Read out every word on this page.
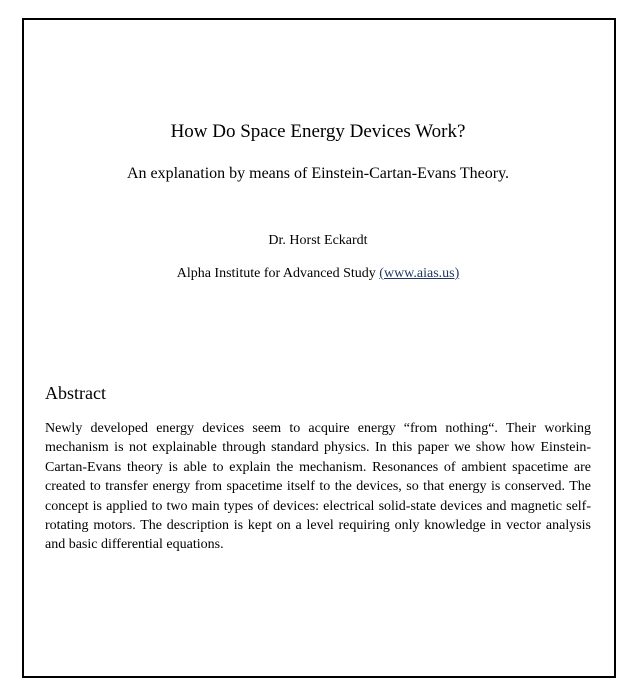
How Do Space Energy Devices Work?
An explanation by means of Einstein-Cartan-Evans Theory.
Dr. Horst Eckardt
Alpha Institute for Advanced Study (www.aias.us)
Abstract
Newly developed energy devices seem to acquire energy “from nothing“. Their working mechanism is not explainable through standard physics. In this paper we show how Einstein-Cartan-Evans theory is able to explain the mechanism. Resonances of ambient spacetime are created to transfer energy from spacetime itself to the devices, so that energy is conserved. The concept is applied to two main types of devices: electrical solid-state devices and magnetic self-rotating motors. The description is kept on a level requiring only knowledge in vector analysis and basic differential equations.
